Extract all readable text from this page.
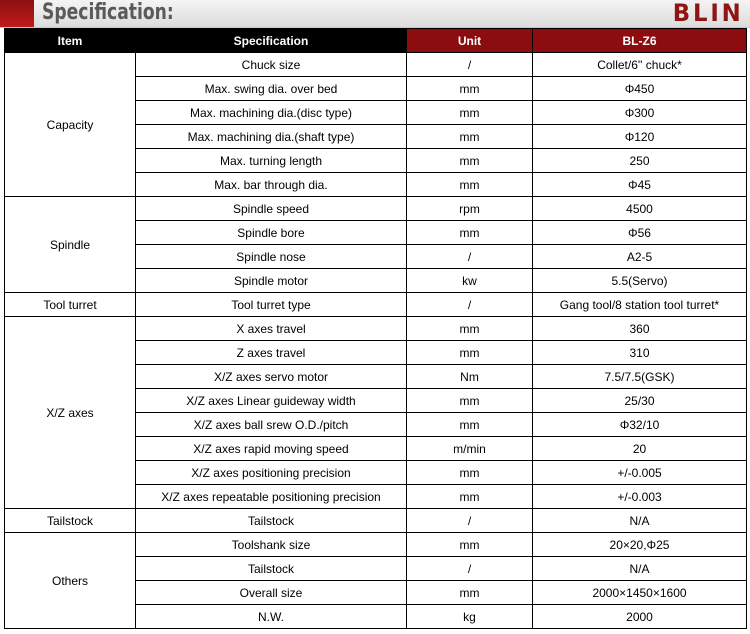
Specification:	BLIN
Item	Specification	Unit	BL-Z6
Capacity	Chuck size	/	Collet/6'' chuck*
	Max. swing dia. over bed	mm	Φ450
	Max. machining dia.(disc type)	mm	Φ300
	Max. machining dia.(shaft type)	mm	Φ120
	Max. turning length	mm	250
	Max. bar through dia.	mm	Φ45
Spindle	Spindle speed	rpm	4500
	Spindle bore	mm	Φ56
	Spindle nose	/	A2-5
	Spindle motor	kw	5.5(Servo)
Tool turret	Tool turret type	/	Gang tool/8 station tool turret*
X/Z axes	X axes travel	mm	360
	Z axes travel	mm	310
	X/Z axes servo motor	Nm	7.5/7.5(GSK)
	X/Z axes Linear guideway width	mm	25/30
	X/Z axes ball srew O.D./pitch	mm	Φ32/10
	X/Z axes rapid moving speed	m/min	20
	X/Z axes positioning precision	mm	+/-0.005
	X/Z axes repeatable positioning precision	mm	+/-0.003
Tailstock	Tailstock	/	N/A
Others	Toolshank size	mm	20×20,Φ25
	Tailstock	/	N/A
	Overall size	mm	2000×1450×1600
	N.W.	kg	2000
